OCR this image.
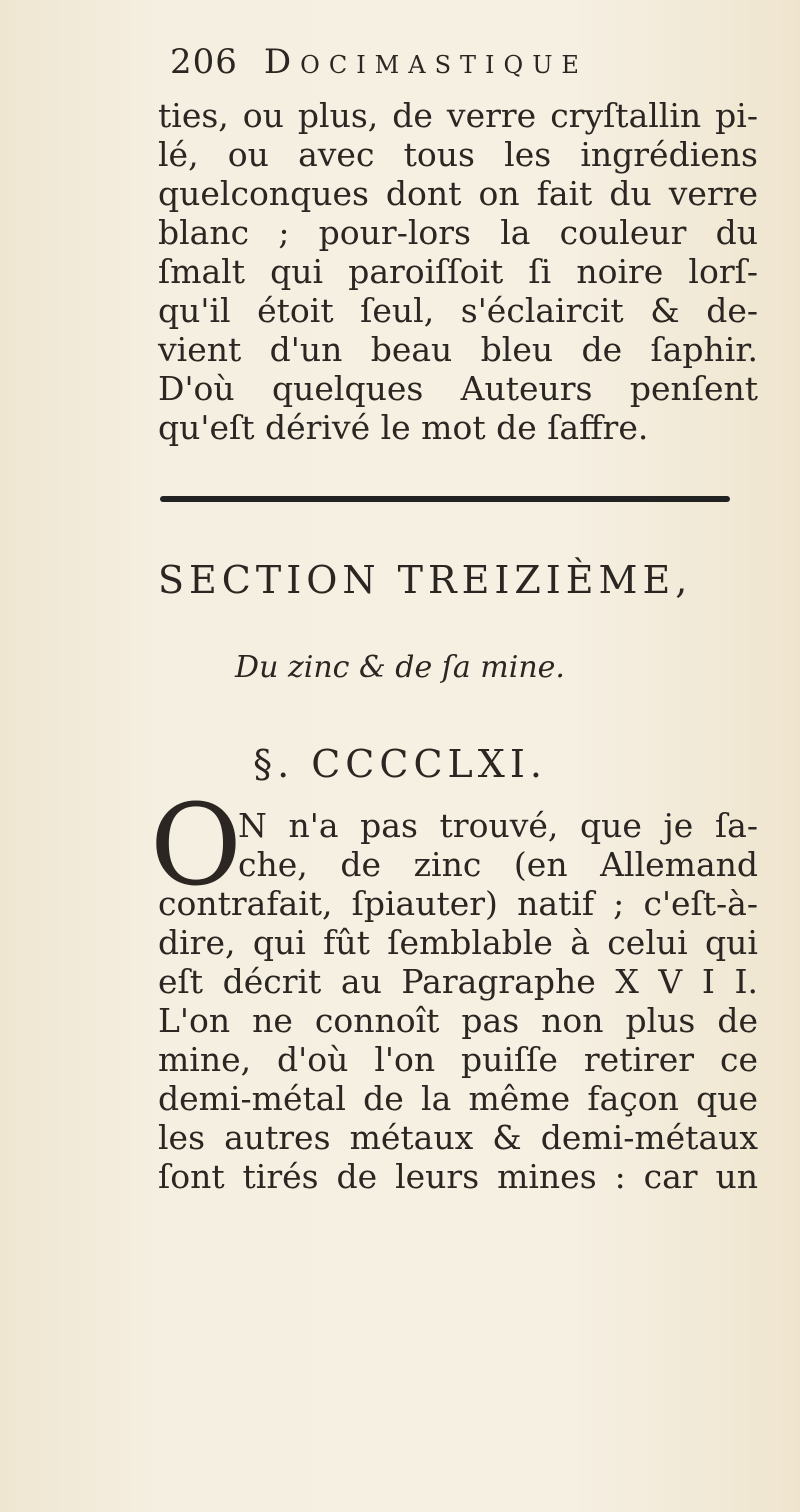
206 Docimastique
ties, ou plus, de verre cryſtallin pi-
lé, ou avec tous les ingrédiens
quelconques dont on fait du verre
blanc ; pour-lors la couleur du
ſmalt qui paroiſſoit ſi noire lorſ-
qu'il étoit ſeul, s'éclaircit & de-
vient d'un beau bleu de ſaphir.
D'où quelques Auteurs penſent
qu'eſt dérivé le mot de ſaffre.
SECTION TREIZIÈME,
Du zinc & de ſa mine.
§. CCCCLXI.
O
N n'a pas trouvé, que je ſa-
che, de zinc (en Allemand
contrafait, ſpiauter) natif ; c'eſt-à-
dire, qui fût ſemblable à celui qui
eſt décrit au Paragraphe X V I I.
L'on ne connoît pas non plus de
mine, d'où l'on puiſſe retirer ce
demi-métal de la même façon que
les autres métaux & demi-métaux
ſont tirés de leurs mines : car un
